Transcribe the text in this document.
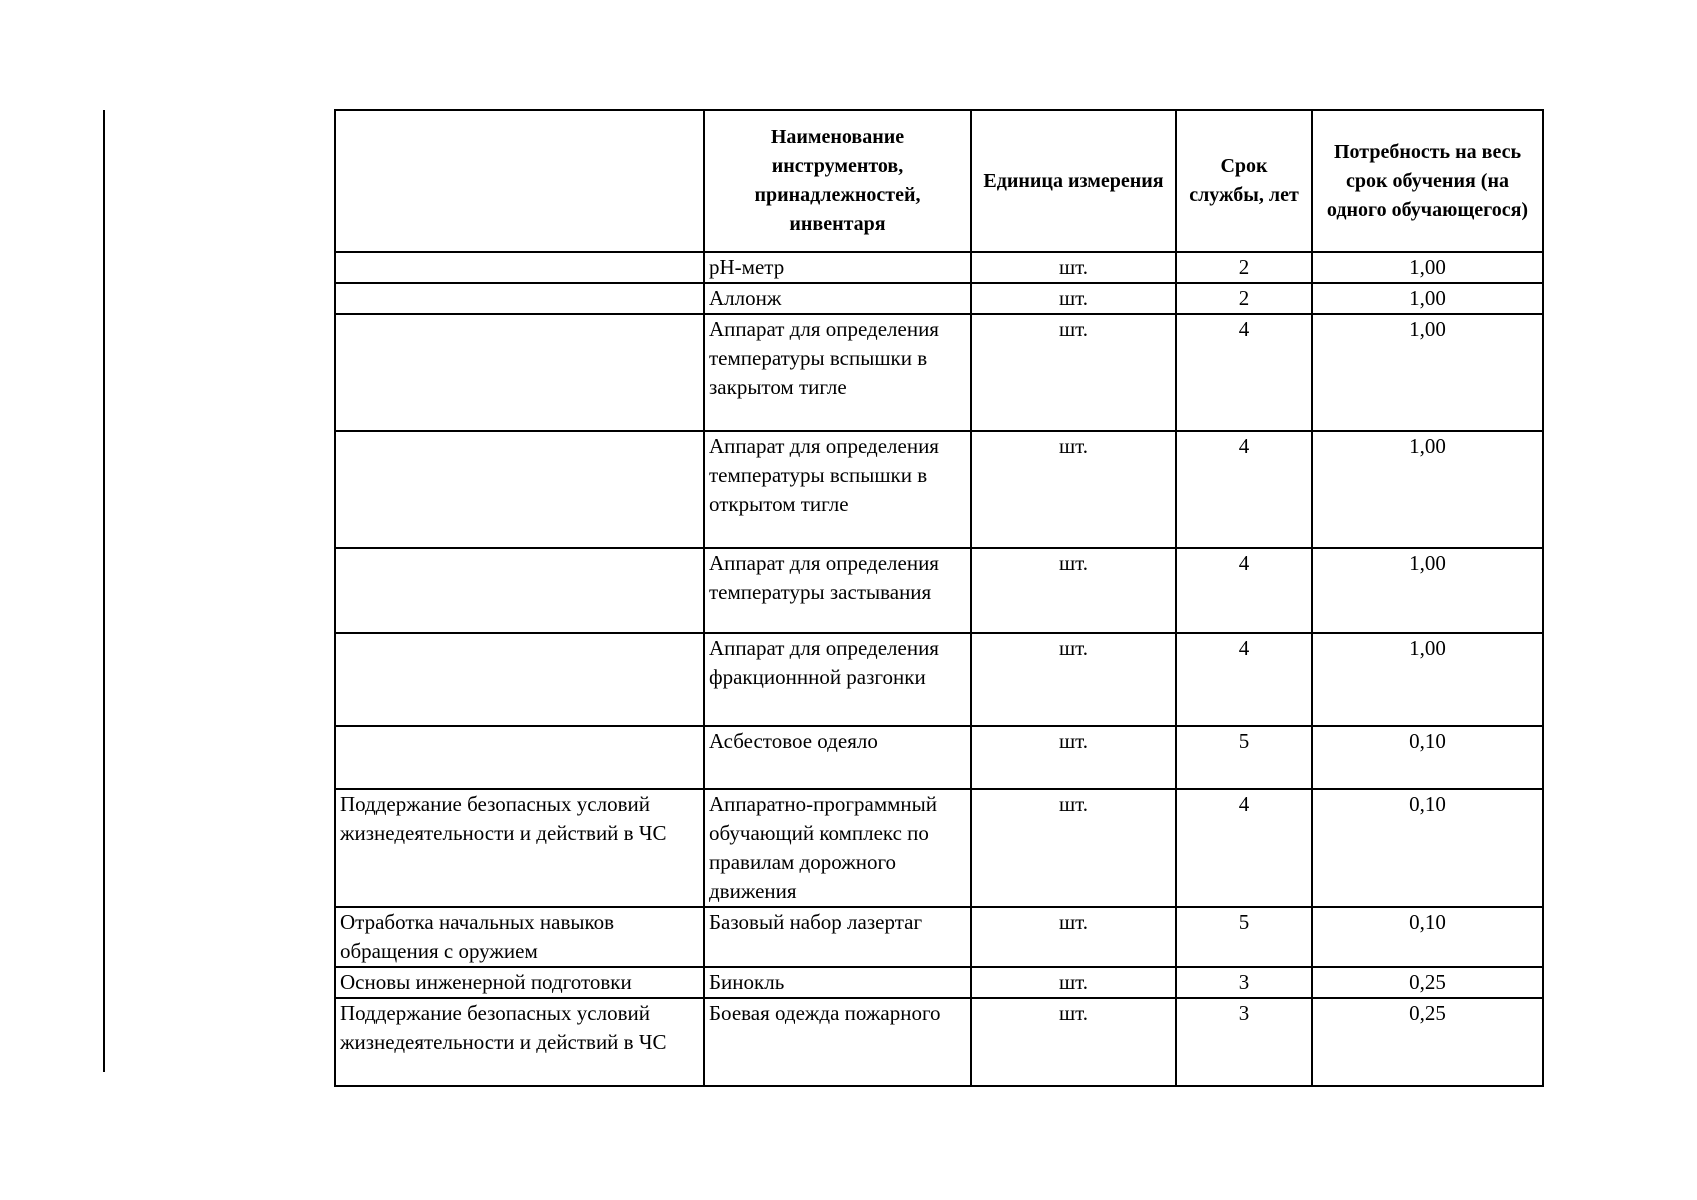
	Наименование инструментов, принадлежностей, инвентаря	Единица измерения	Срок службы, лет	Потребность на весь срок обучения (на одного обучающегося)
	pH-метр	шт.	2	1,00
	Аллонж	шт.	2	1,00
	Аппарат для определения температуры вспышки в закрытом тигле	шт.	4	1,00
	Аппарат для определения температуры вспышки в открытом тигле	шт.	4	1,00
	Аппарат для определения температуры застывания	шт.	4	1,00
	Аппарат для определения фракционнной разгонки	шт.	4	1,00
	Асбестовое одеяло	шт.	5	0,10
Поддержание безопасных условий жизнедеятельности и действий в ЧС	Аппаратно-программный обучающий комплекс по правилам дорожного движения	шт.	4	0,10
Отработка начальных навыков обращения с оружием	Базовый набор лазертаг	шт.	5	0,10
Основы инженерной подготовки	Бинокль	шт.	3	0,25
Поддержание безопасных условий жизнедеятельности и действий в ЧС	Боевая одежда пожарного	шт.	3	0,25
